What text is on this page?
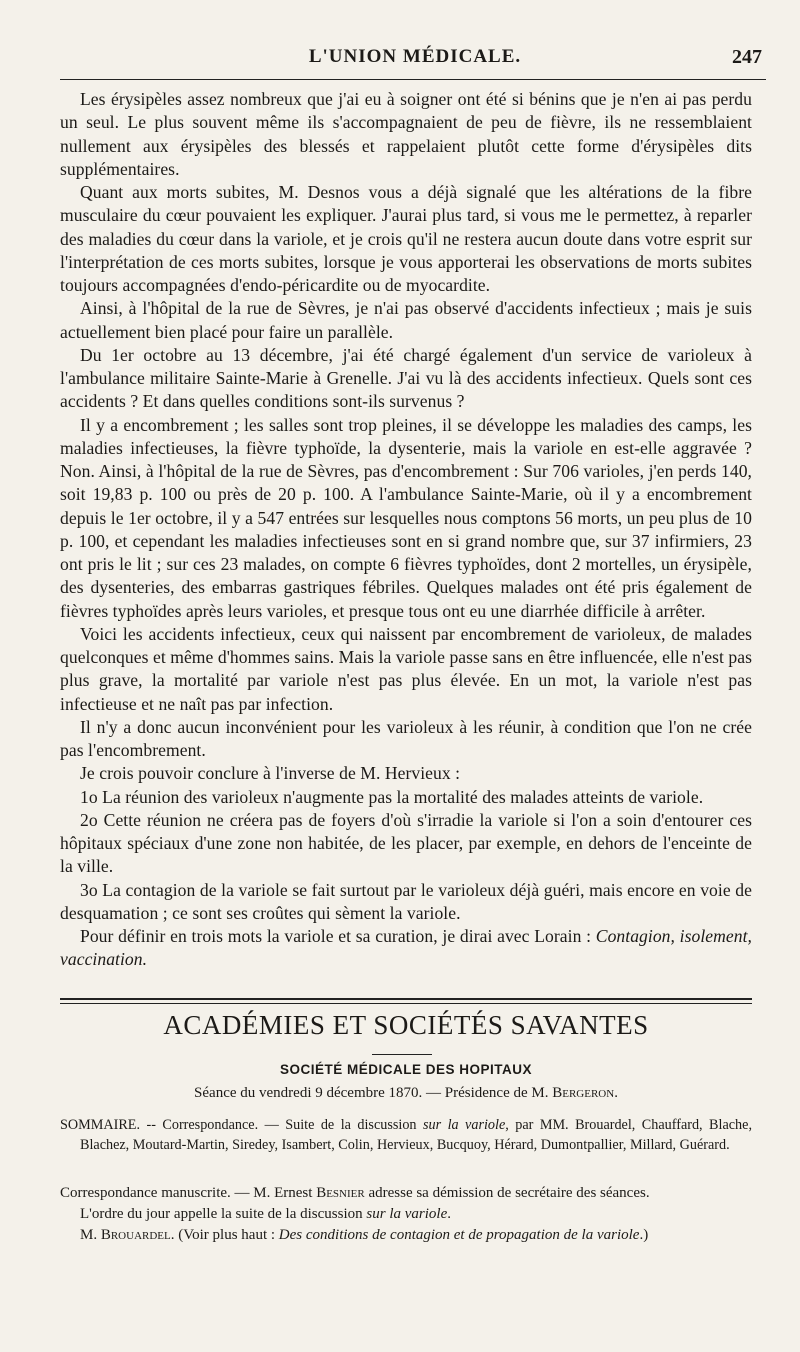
L'UNION MÉDICALE.	247

Les érysipèles assez nombreux que j'ai eu à soigner ont été si bénins que je n'en ai pas perdu un seul. Le plus souvent même ils s'accompagnaient de peu de fièvre, ils ne ressemblaient nullement aux érysipèles des blessés et rappelaient plutôt cette forme d'érysipèles dits supplémentaires.

Quant aux morts subites, M. Desnos vous a déjà signalé que les altérations de la fibre musculaire du cœur pouvaient les expliquer. J'aurai plus tard, si vous me le permettez, à reparler des maladies du cœur dans la variole, et je crois qu'il ne restera aucun doute dans votre esprit sur l'interprétation de ces morts subites, lorsque je vous apporterai les observations de morts subites toujours accompagnées d'endo-péricardite ou de myocardite.

Ainsi, à l'hôpital de la rue de Sèvres, je n'ai pas observé d'accidents infectieux ; mais je suis actuellement bien placé pour faire un parallèle.

Du 1er octobre au 13 décembre, j'ai été chargé également d'un service de varioleux à l'ambulance militaire Sainte-Marie à Grenelle. J'ai vu là des accidents infectieux. Quels sont ces accidents ? Et dans quelles conditions sont-ils survenus ?

Il y a encombrement ; les salles sont trop pleines, il se développe les maladies des camps, les maladies infectieuses, la fièvre typhoïde, la dysenterie, mais la variole en est-elle aggravée ? Non. Ainsi, à l'hôpital de la rue de Sèvres, pas d'encombrement : Sur 706 varioles, j'en perds 140, soit 19,83 p. 100 ou près de 20 p. 100. A l'ambulance Sainte-Marie, où il y a encombrement depuis le 1er octobre, il y a 547 entrées sur lesquelles nous comptons 56 morts, un peu plus de 10 p. 100, et cependant les maladies infectieuses sont en si grand nombre que, sur 37 infirmiers, 23 ont pris le lit ; sur ces 23 malades, on compte 6 fièvres typhoïdes, dont 2 mortelles, un érysipèle, des dysenteries, des embarras gastriques fébriles. Quelques malades ont été pris également de fièvres typhoïdes après leurs varioles, et presque tous ont eu une diarrhée difficile à arrêter.

Voici les accidents infectieux, ceux qui naissent par encombrement de varioleux, de malades quelconques et même d'hommes sains. Mais la variole passe sans en être influencée, elle n'est pas plus grave, la mortalité par variole n'est pas plus élevée. En un mot, la variole n'est pas infectieuse et ne naît pas par infection.

Il n'y a donc aucun inconvénient pour les varioleux à les réunir, à condition que l'on ne crée pas l'encombrement.

Je crois pouvoir conclure à l'inverse de M. Hervieux :

1o La réunion des varioleux n'augmente pas la mortalité des malades atteints de variole.

2o Cette réunion ne créera pas de foyers d'où s'irradie la variole si l'on a soin d'entourer ces hôpitaux spéciaux d'une zone non habitée, de les placer, par exemple, en dehors de l'enceinte de la ville.

3o La contagion de la variole se fait surtout par le varioleux déjà guéri, mais encore en voie de desquamation ; ce sont ses croûtes qui sèment la variole.

Pour définir en trois mots la variole et sa curation, je dirai avec Lorain : Contagion, isolement, vaccination.

ACADÉMIES ET SOCIÉTÉS SAVANTES
SOCIÉTÉ MÉDICALE DES HOPITAUX
Séance du vendredi 9 décembre 1870. — Présidence de M. Bergeron.
SOMMAIRE. -- Correspondance. — Suite de la discussion sur la variole, par MM. Brouardel, Chauffard, Blache, Blachez, Moutard-Martin, Siredey, Isambert, Colin, Hervieux, Bucquoy, Hérard, Dumontpallier, Millard, Guérard.

Correspondance manuscrite. — M. Ernest Besnier adresse sa démission de secrétaire des séances.

L'ordre du jour appelle la suite de la discussion sur la variole.

M. Brouardel. (Voir plus haut : Des conditions de contagion et de propagation de la variole.)
